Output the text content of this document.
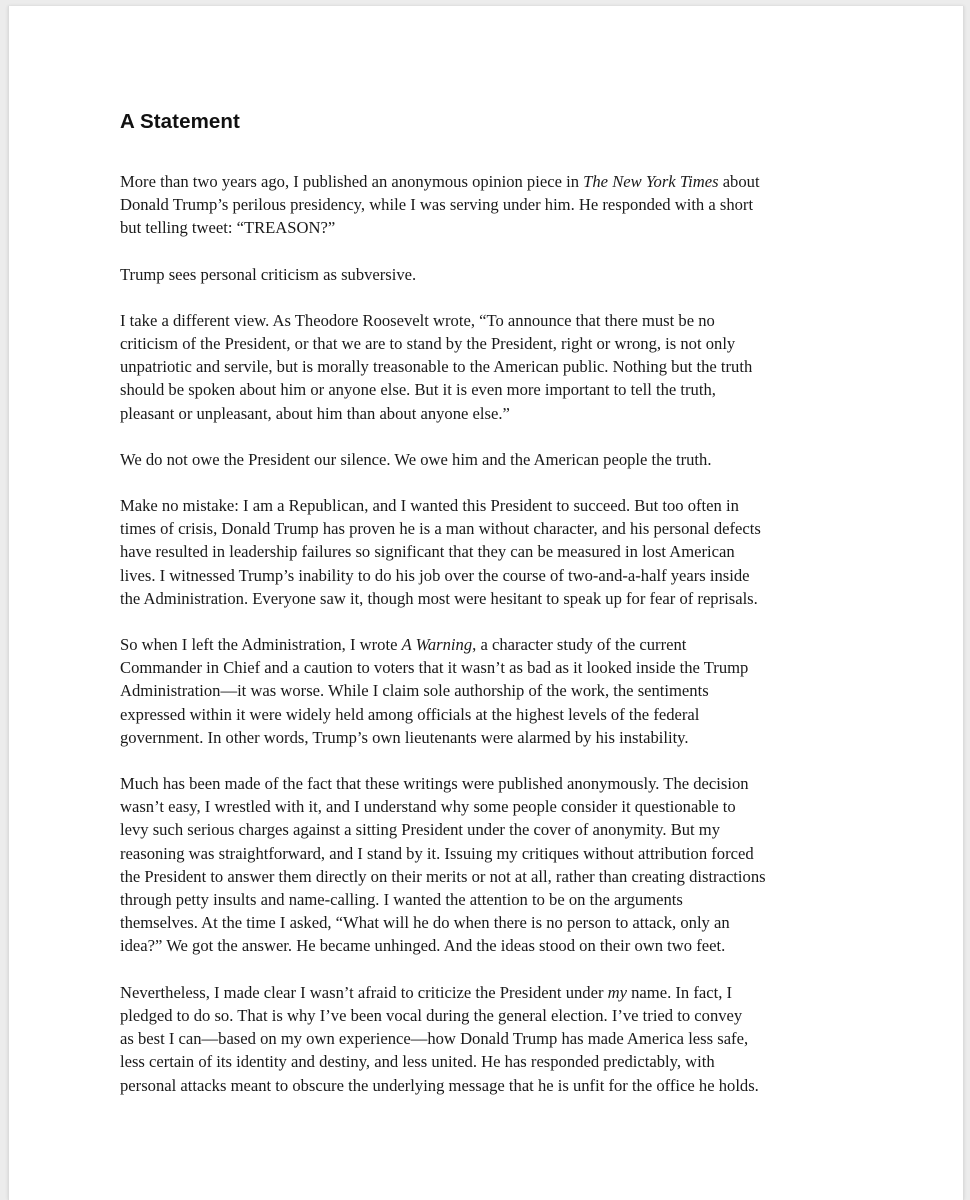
A Statement

More than two years ago, I published an anonymous opinion piece in The New York Times about
Donald Trump’s perilous presidency, while I was serving under him. He responded with a short
but telling tweet: “TREASON?”

Trump sees personal criticism as subversive.

I take a different view. As Theodore Roosevelt wrote, “To announce that there must be no
criticism of the President, or that we are to stand by the President, right or wrong, is not only
unpatriotic and servile, but is morally treasonable to the American public. Nothing but the truth
should be spoken about him or anyone else. But it is even more important to tell the truth,
pleasant or unpleasant, about him than about anyone else.”

We do not owe the President our silence. We owe him and the American people the truth.

Make no mistake: I am a Republican, and I wanted this President to succeed. But too often in
times of crisis, Donald Trump has proven he is a man without character, and his personal defects
have resulted in leadership failures so significant that they can be measured in lost American
lives. I witnessed Trump’s inability to do his job over the course of two-and-a-half years inside
the Administration. Everyone saw it, though most were hesitant to speak up for fear of reprisals.

So when I left the Administration, I wrote A Warning, a character study of the current
Commander in Chief and a caution to voters that it wasn’t as bad as it looked inside the Trump
Administration—it was worse. While I claim sole authorship of the work, the sentiments
expressed within it were widely held among officials at the highest levels of the federal
government. In other words, Trump’s own lieutenants were alarmed by his instability.

Much has been made of the fact that these writings were published anonymously. The decision
wasn’t easy, I wrestled with it, and I understand why some people consider it questionable to
levy such serious charges against a sitting President under the cover of anonymity. But my
reasoning was straightforward, and I stand by it. Issuing my critiques without attribution forced
the President to answer them directly on their merits or not at all, rather than creating distractions
through petty insults and name-calling. I wanted the attention to be on the arguments
themselves. At the time I asked, “What will he do when there is no person to attack, only an
idea?” We got the answer. He became unhinged. And the ideas stood on their own two feet.

Nevertheless, I made clear I wasn’t afraid to criticize the President under my name. In fact, I
pledged to do so. That is why I’ve been vocal during the general election. I’ve tried to convey
as best I can—based on my own experience—how Donald Trump has made America less safe,
less certain of its identity and destiny, and less united. He has responded predictably, with
personal attacks meant to obscure the underlying message that he is unfit for the office he holds.
